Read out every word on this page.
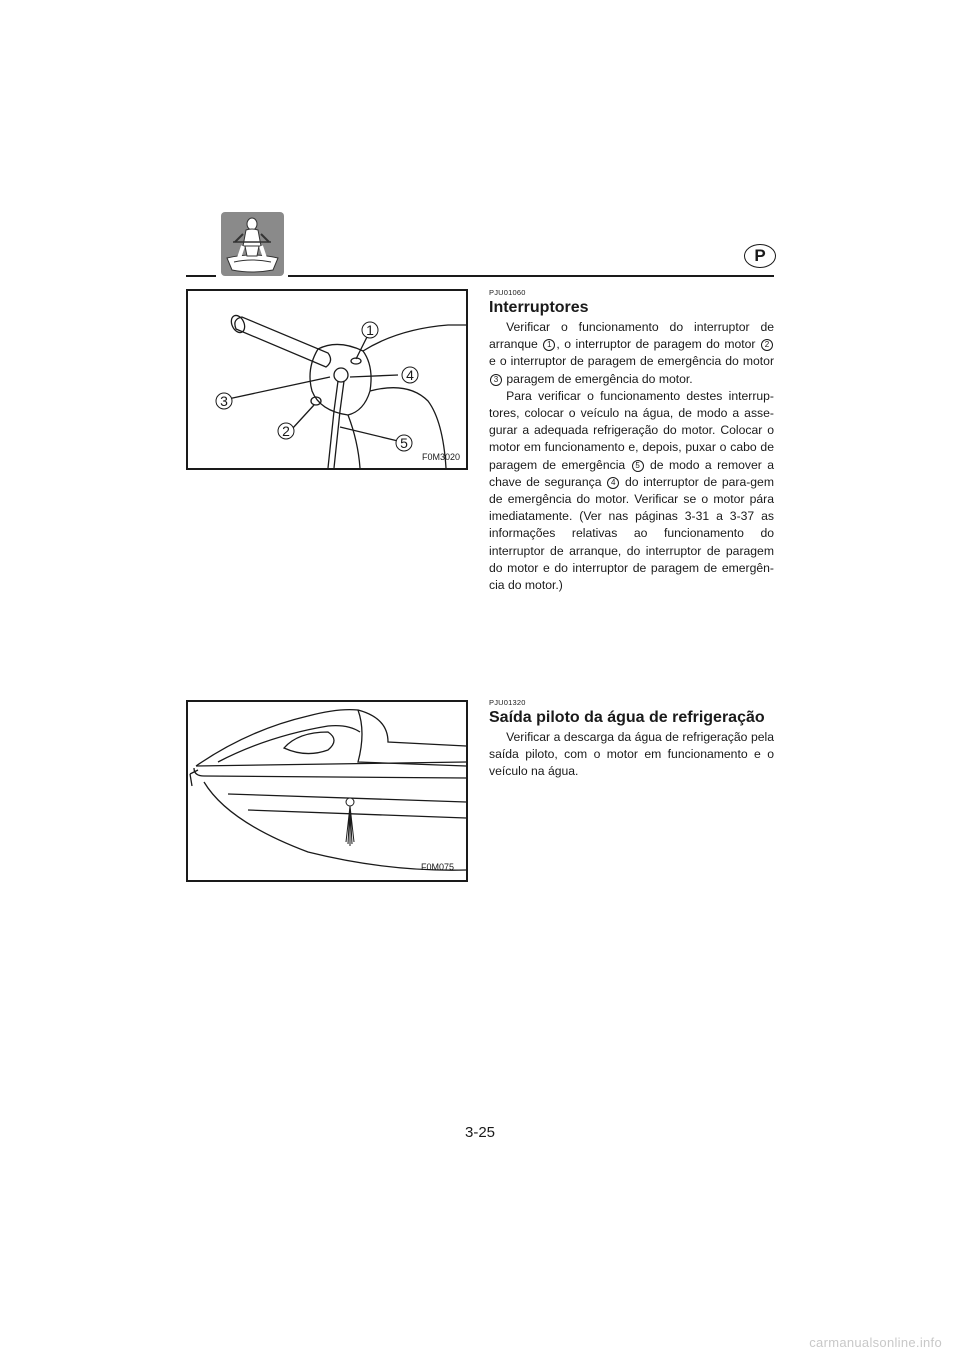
P
1
2
3
4
5
F0M3020
PJU01060
Interruptores

Verificar o funcionamento do interruptor de arranque 1 , o interruptor de paragem do motor 2 e o interruptor de paragem de emergência do motor 3 paragem de emergência do motor.

Para verificar o funcionamento destes interrup-tores, colocar o veículo na água, de modo a asse-gurar a adequada refrigeração do motor. Colocar o motor em funcionamento e, depois, puxar o cabo de paragem de emergência 5 de modo a remover a chave de segurança 4 do interruptor de para-gem de emergência do motor. Verificar se o motor pára imediatamente. (Ver nas páginas 3-31 a 3-37 as informações relativas ao funcionamento do interruptor de arranque, do interruptor de paragem do motor e do interruptor de paragem de emergên-cia do motor.)

F0M075
PJU01320
Saída piloto da água de refrigeração

Verificar a descarga da água de refrigeração pela saída piloto, com o motor em funcionamento e o veículo na água.

3-25
carmanualsonline.info
